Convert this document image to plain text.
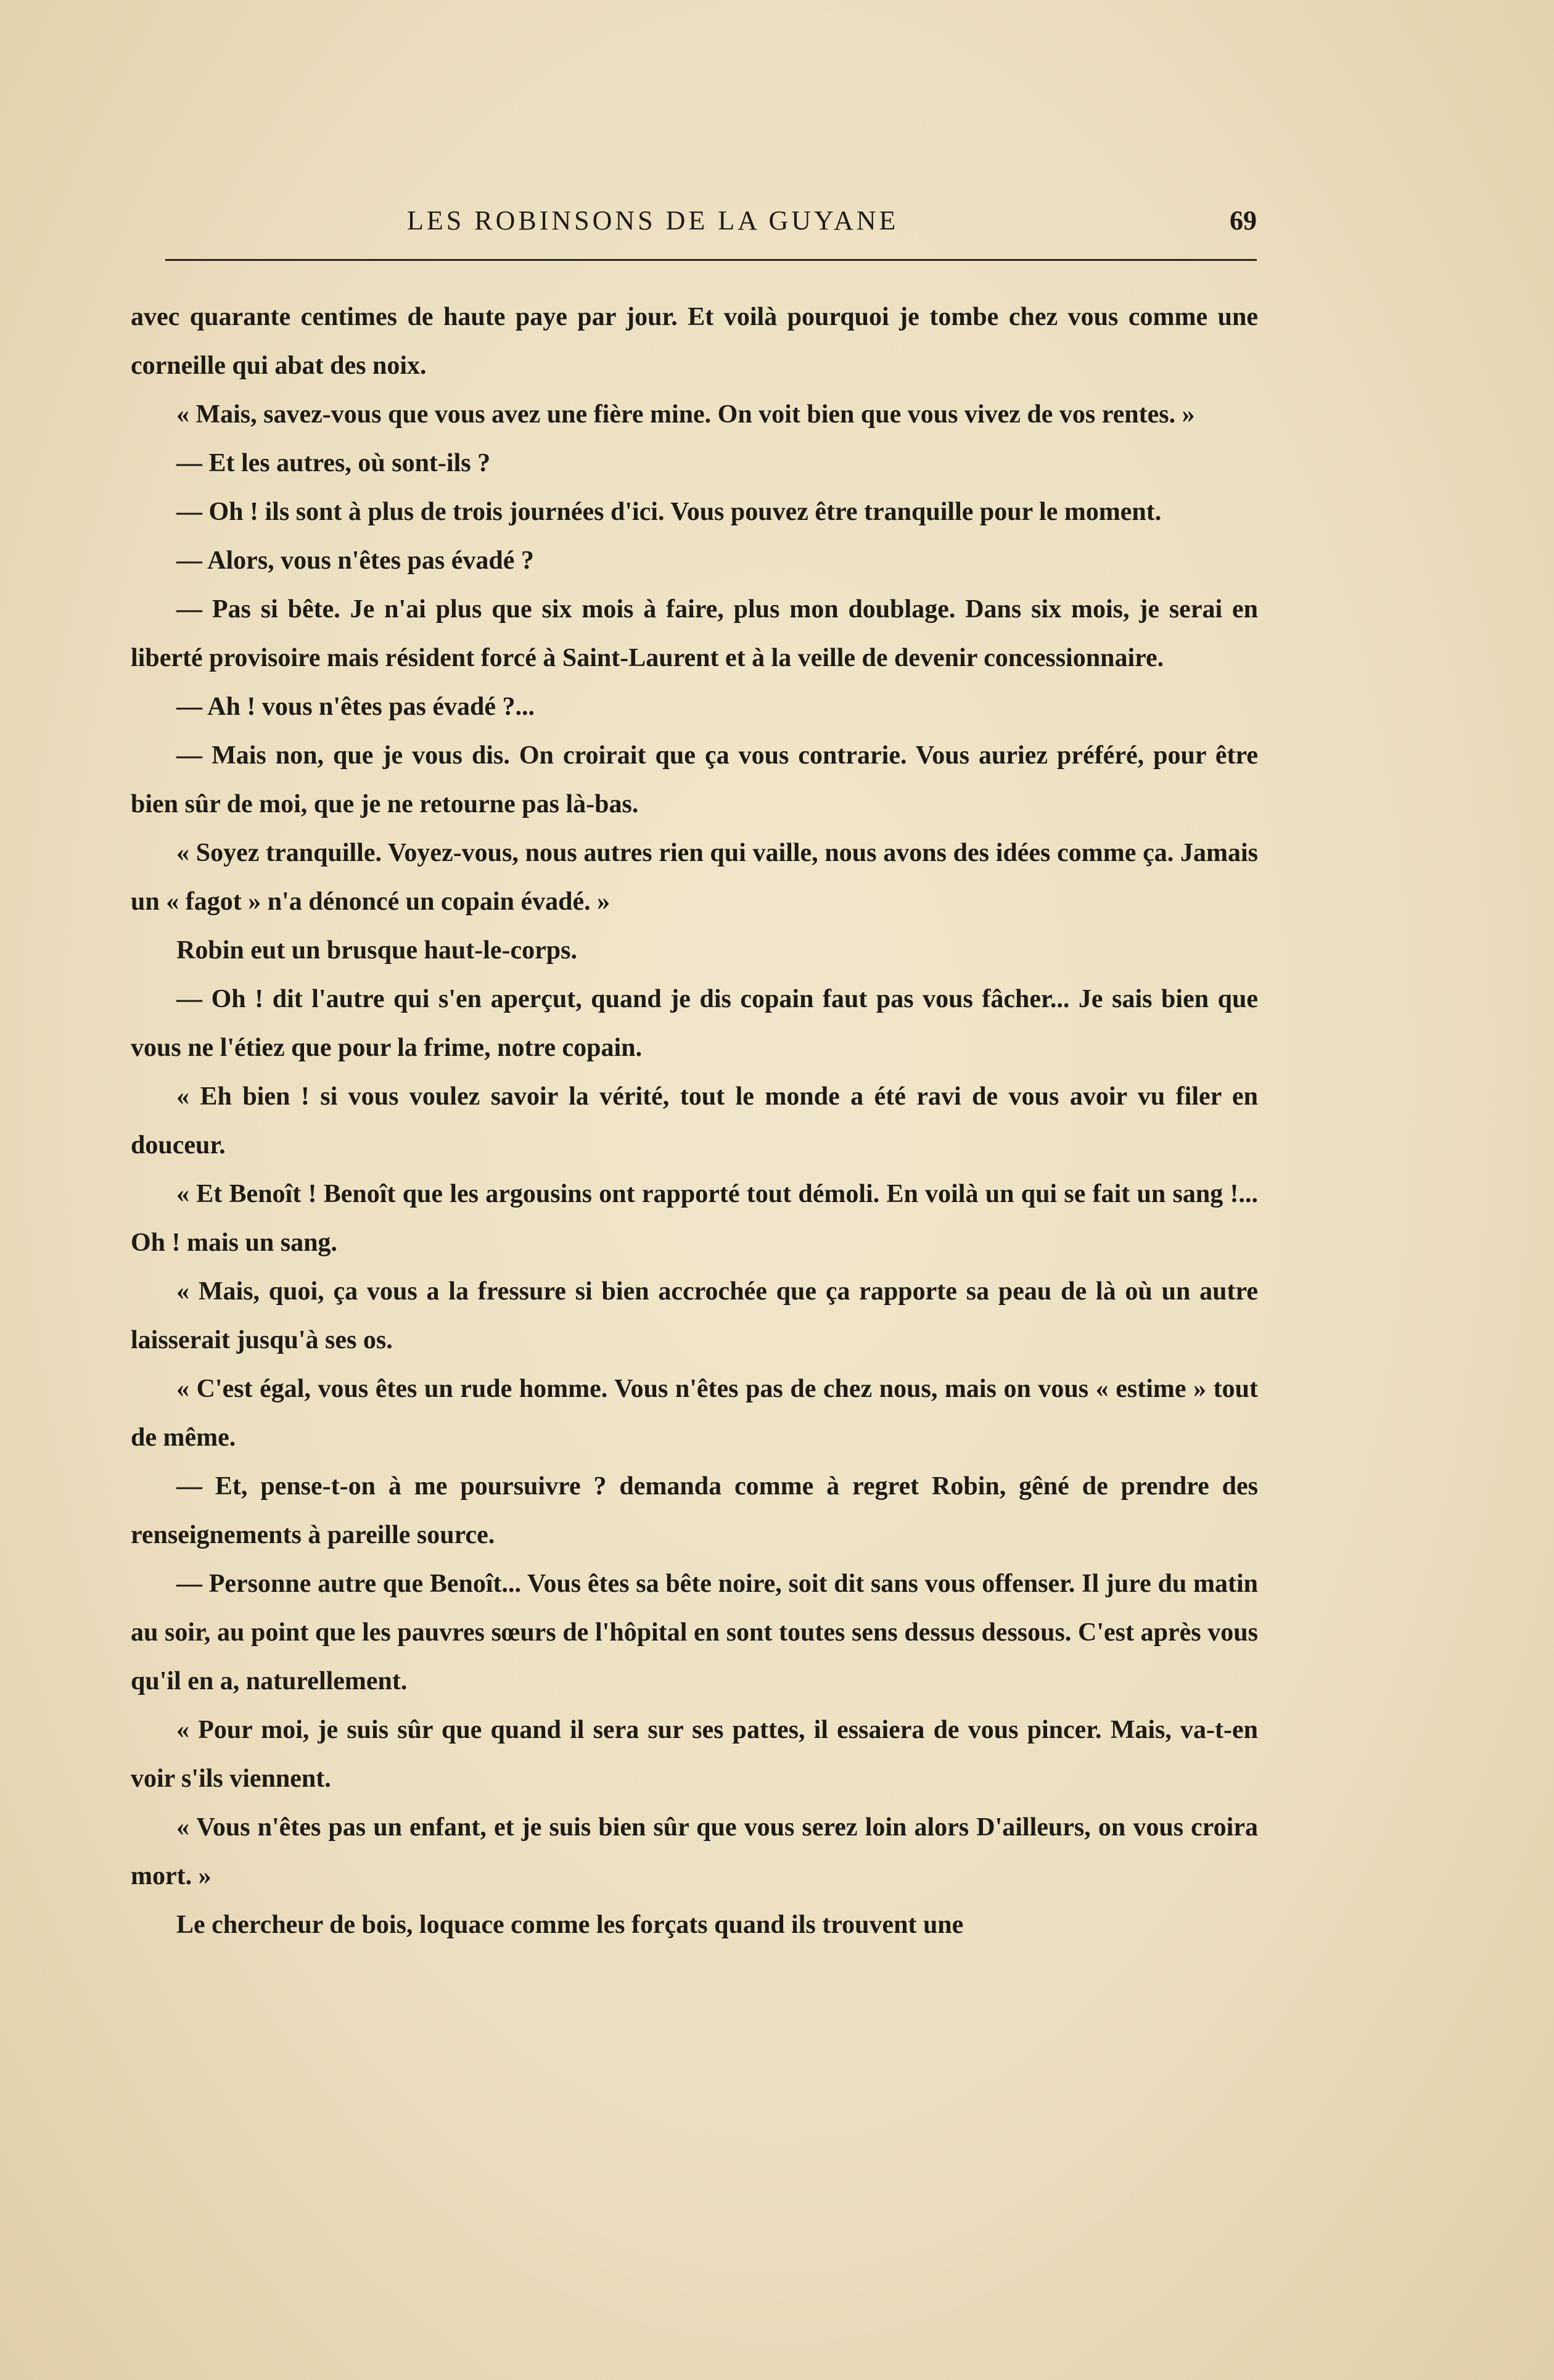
LES ROBINSONS DE LA GUYANE	69

avec quarante centimes de haute paye par jour. Et voilà pourquoi je tombe chez vous comme une corneille qui abat des noix.

« Mais, savez-vous que vous avez une fière mine. On voit bien que vous vivez de vos rentes. »

— Et les autres, où sont-ils ?

— Oh ! ils sont à plus de trois journées d'ici. Vous pouvez être tranquille pour le moment.

— Alors, vous n'êtes pas évadé ?

— Pas si bête. Je n'ai plus que six mois à faire, plus mon doublage. Dans six mois, je serai en liberté provisoire mais résident forcé à Saint-Laurent et à la veille de devenir concessionnaire.

— Ah ! vous n'êtes pas évadé ?...

— Mais non, que je vous dis. On croirait que ça vous contrarie. Vous auriez préféré, pour être bien sûr de moi, que je ne retourne pas là-bas.

« Soyez tranquille. Voyez-vous, nous autres rien qui vaille, nous avons des idées comme ça. Jamais un « fagot » n'a dénoncé un copain évadé. »

Robin eut un brusque haut-le-corps.

— Oh ! dit l'autre qui s'en aperçut, quand je dis copain faut pas vous fâcher... Je sais bien que vous ne l'étiez que pour la frime, notre copain.

« Eh bien ! si vous voulez savoir la vérité, tout le monde a été ravi de vous avoir vu filer en douceur.

« Et Benoît ! Benoît que les argousins ont rapporté tout démoli. En voilà un qui se fait un sang !... Oh ! mais un sang.

« Mais, quoi, ça vous a la fressure si bien accrochée que ça rapporte sa peau de là où un autre laisserait jusqu'à ses os.

« C'est égal, vous êtes un rude homme. Vous n'êtes pas de chez nous, mais on vous « estime » tout de même.

— Et, pense-t-on à me poursuivre ? demanda comme à regret Robin, gêné de prendre des renseignements à pareille source.

— Personne autre que Benoît... Vous êtes sa bête noire, soit dit sans vous offenser. Il jure du matin au soir, au point que les pauvres sœurs de l'hôpital en sont toutes sens dessus dessous. C'est après vous qu'il en a, naturellement.

« Pour moi, je suis sûr que quand il sera sur ses pattes, il essaiera de vous pincer. Mais, va-t-en voir s'ils viennent.

« Vous n'êtes pas un enfant, et je suis bien sûr que vous serez loin alors D'ailleurs, on vous croira mort. »

Le chercheur de bois, loquace comme les forçats quand ils trouvent une
